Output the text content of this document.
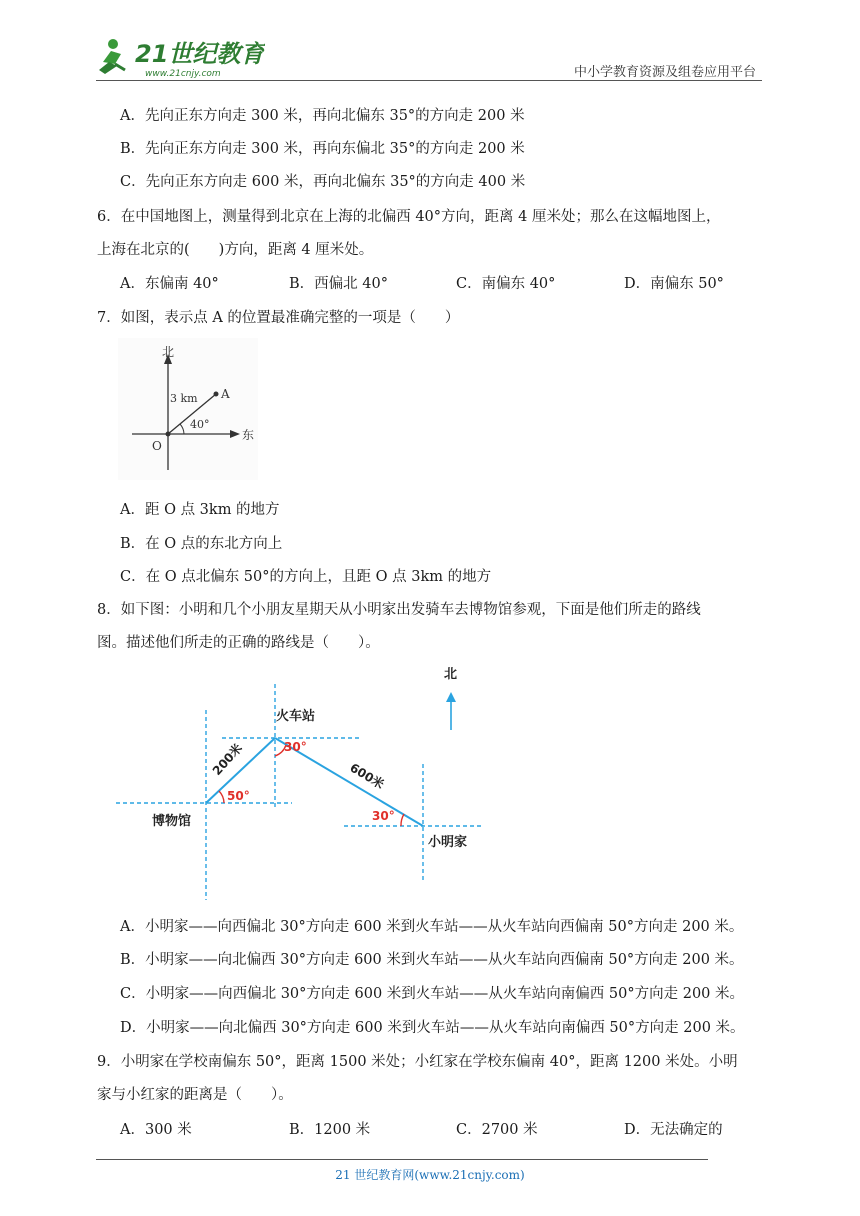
21世纪教育
www.21cnjy.com	中小学教育资源及组卷应用平台
A．先向正东方向走 300 米，再向北偏东 35°的方向走 200 米
B．先向正东方向走 300 米，再向东偏北 35°的方向走 200 米
C．先向正东方向走 600 米，再向北偏东 35°的方向走 400 米
6．在中国地图上，测量得到北京在上海的北偏西 40°方向，距离 4 厘米处；那么在这幅地图上，
上海在北京的(　　)方向，距离 4 厘米处。
A．东偏南 40°	B．西偏北 40°	C．南偏东 40°	D．南偏东 50°
7．如图，表示点 A 的位置最准确完整的一项是（　　）
北
东
O
A
3 km
40°
A．距 O 点 3km 的地方
B．在 O 点的东北方向上
C．在 O 点北偏东 50°的方向上，且距 O 点 3km 的地方
8．如下图：小明和几个小朋友星期天从小明家出发骑车去博物馆参观，下面是他们所走的路线
图。描述他们所走的正确的路线是（　　）。
北
火车站
博物馆
小明家
200米	600米
50°
30°
30°
A．小明家——向西偏北 30°方向走 600 米到火车站——从火车站向西偏南 50°方向走 200 米。
B．小明家——向北偏西 30°方向走 600 米到火车站——从火车站向西偏南 50°方向走 200 米。
C．小明家——向西偏北 30°方向走 600 米到火车站——从火车站向南偏西 50°方向走 200 米。
D．小明家——向北偏西 30°方向走 600 米到火车站——从火车站向南偏西 50°方向走 200 米。
9．小明家在学校南偏东 50°，距离 1500 米处；小红家在学校东偏南 40°，距离 1200 米处。小明
家与小红家的距离是（　　）。
A．300 米	B．1200 米	C．2700 米	D．无法确定的
21 世纪教育网(www.21cnjy.com)
